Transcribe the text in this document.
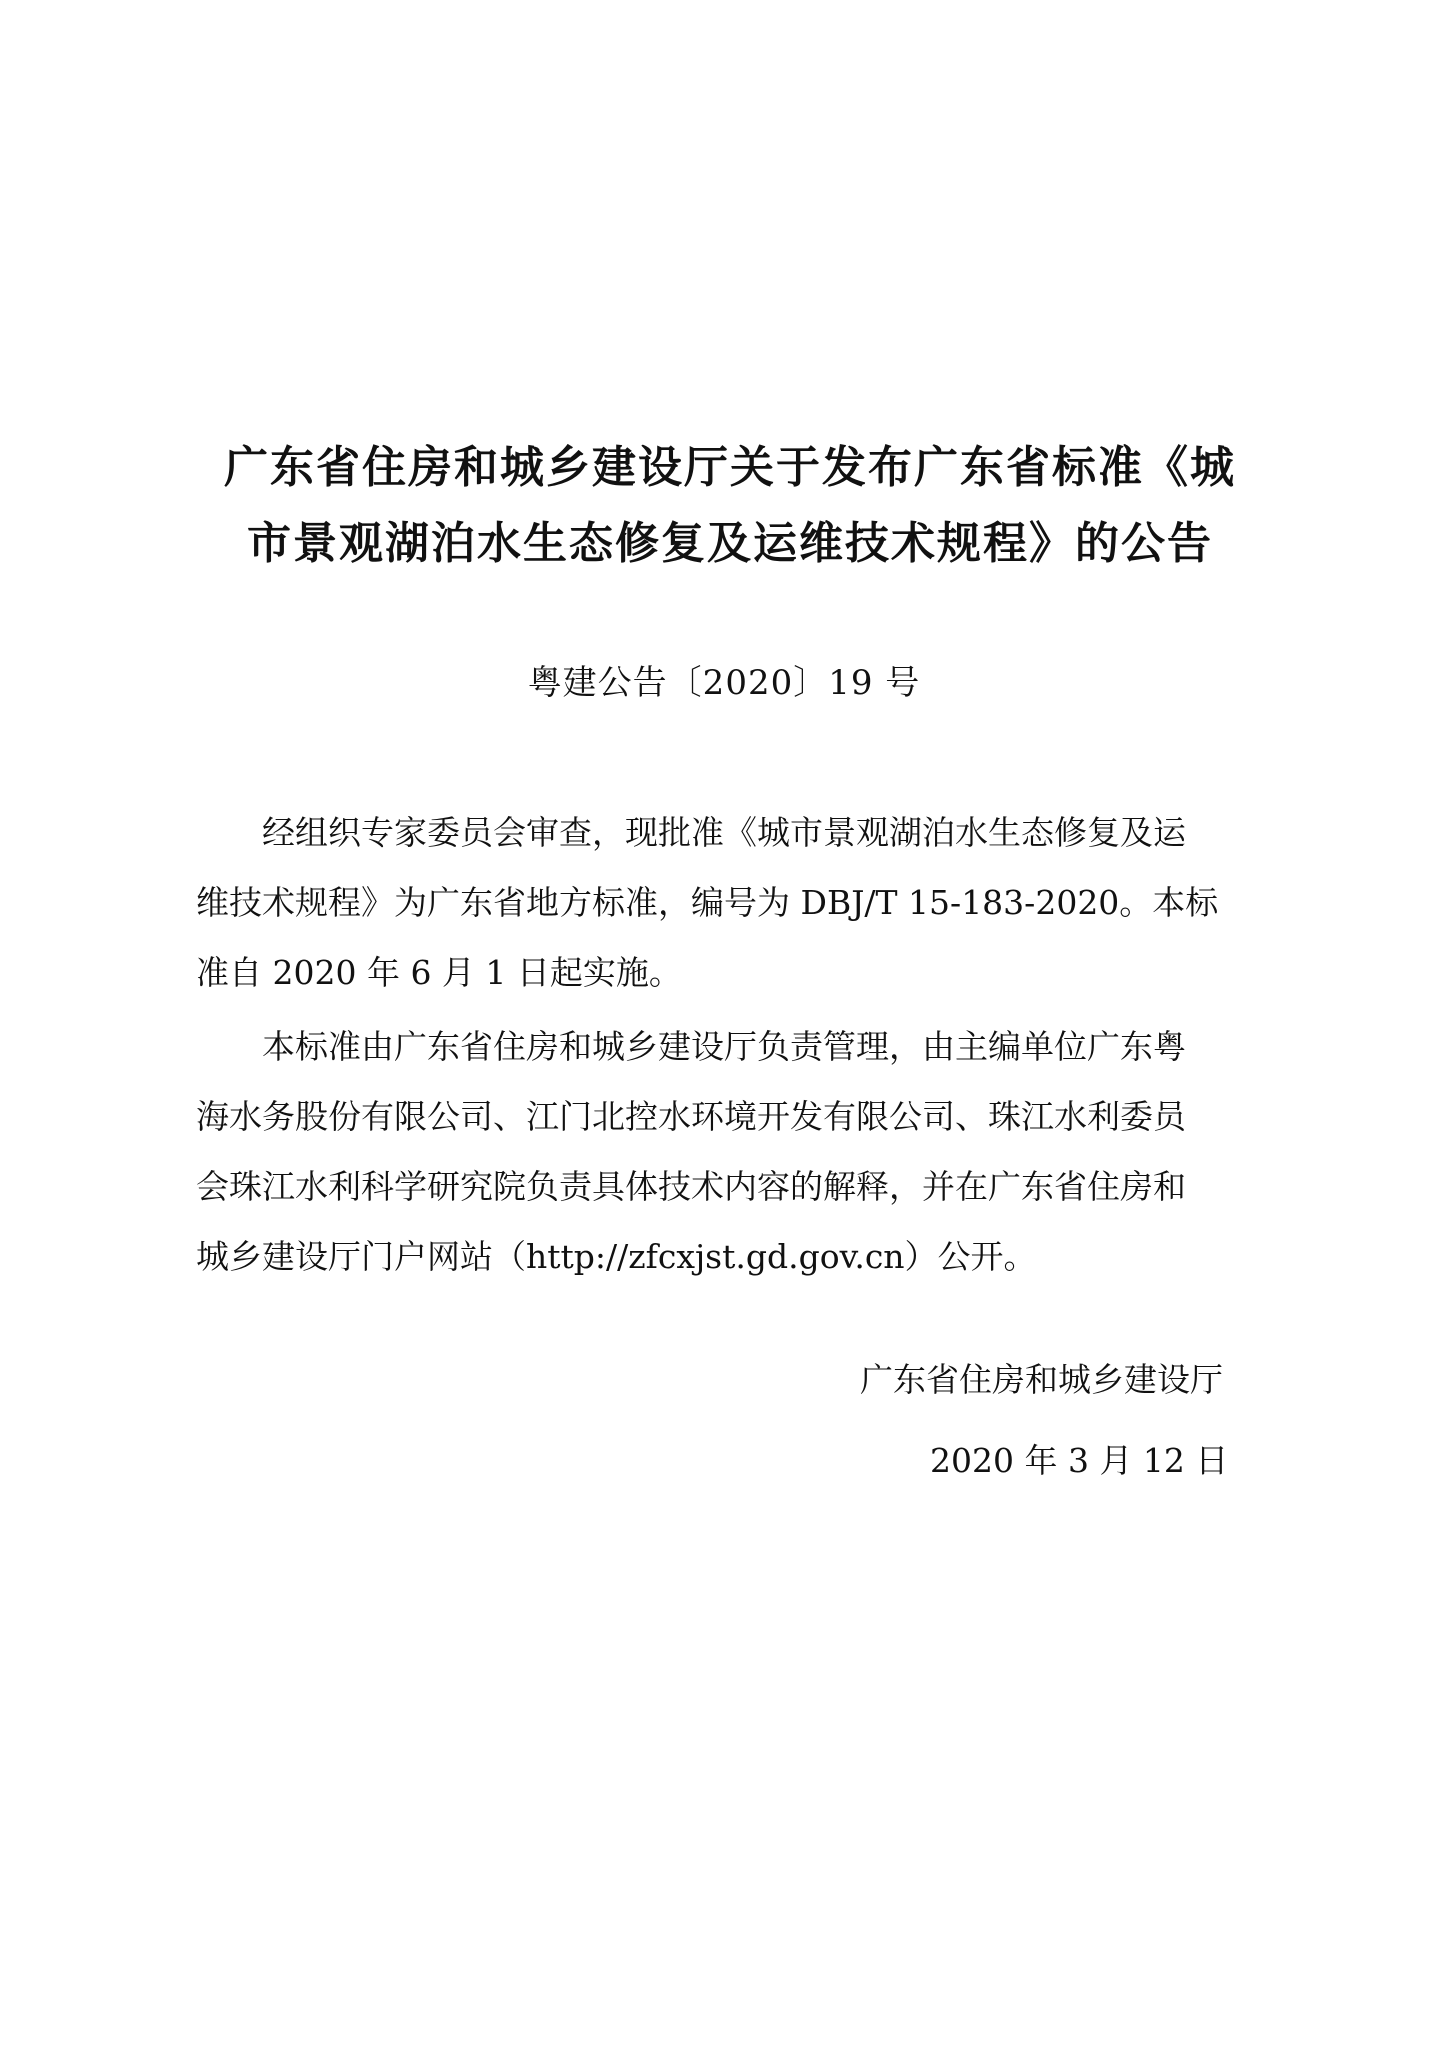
广东省住房和城乡建设厅关于发布广东省标准《城
市景观湖泊水生态修复及运维技术规程》的公告
粤建公告〔2020〕19 号

经组织专家委员会审查，现批准《城市景观湖泊水生态修复及运
维技术规程》为广东省地方标准，编号为 DBJ/T 15-183-2020。本标
准自 2020 年 6 月 1 日起实施。

本标准由广东省住房和城乡建设厅负责管理，由主编单位广东粤
海水务股份有限公司、江门北控水环境开发有限公司、珠江水利委员
会珠江水利科学研究院负责具体技术内容的解释，并在广东省住房和
城乡建设厅门户网站（http://zfcxjst.gd.gov.cn）公开。

广东省住房和城乡建设厅
2020 年 3 月 12 日
